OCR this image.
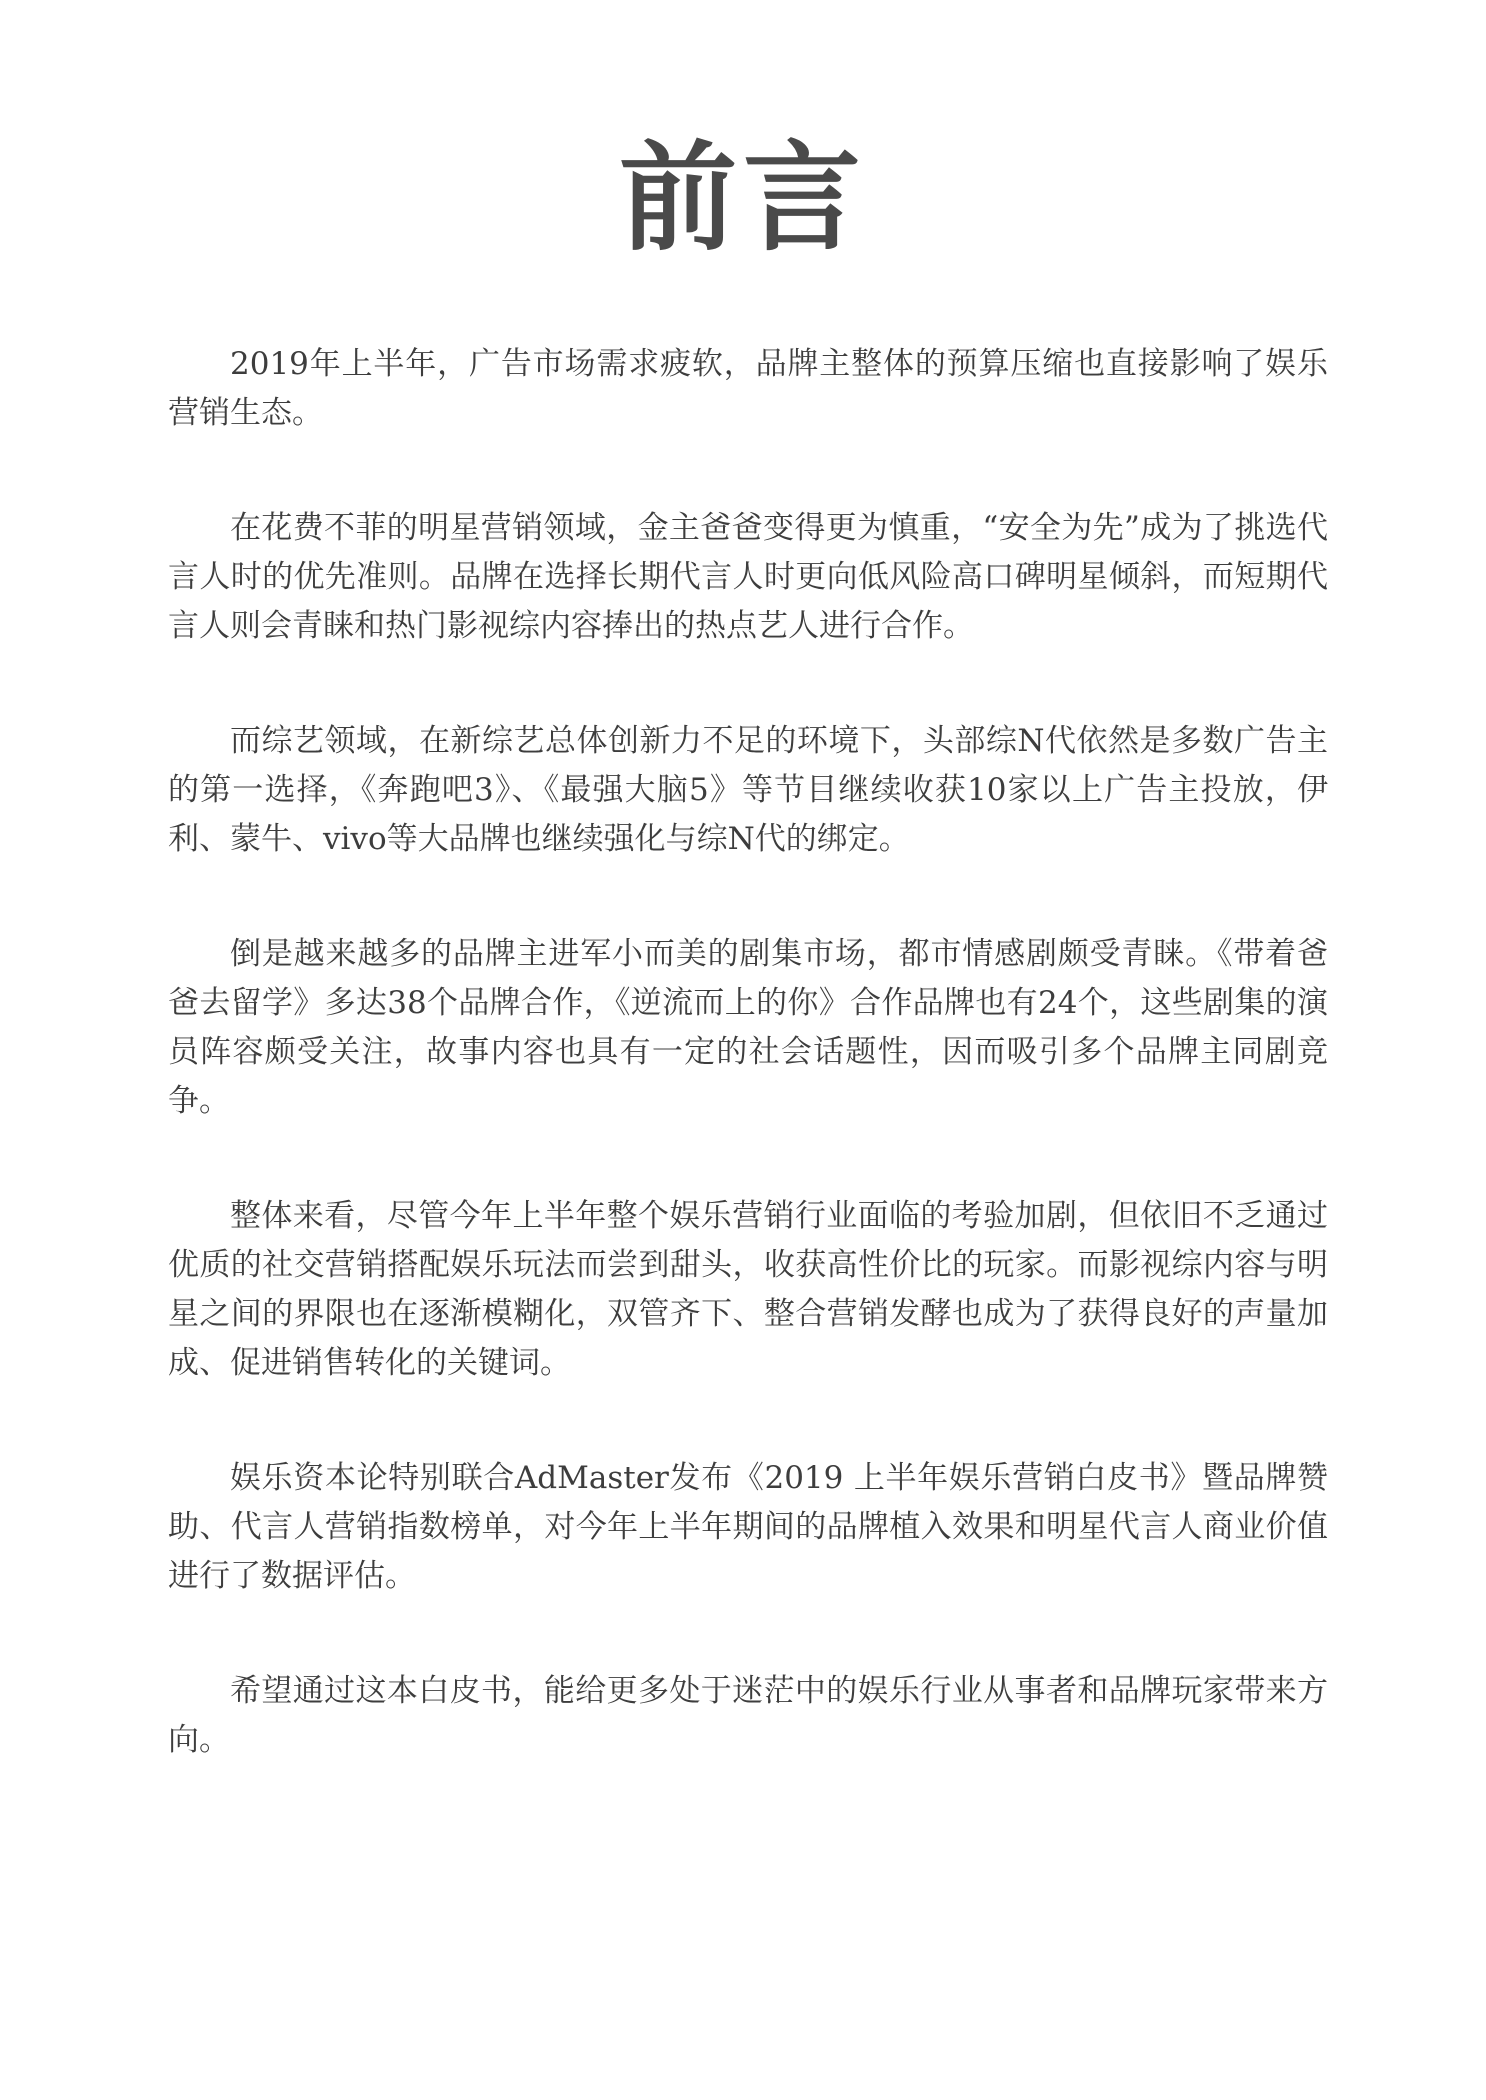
前言

2019年上半年，广告市场需求疲软，品牌主整体的预算压缩也直接影响了娱乐营销生态。

在花费不菲的明星营销领域，金主爸爸变得更为慎重，“安全为先”成为了挑选代言人时的优先准则。品牌在选择长期代言人时更向低风险高口碑明星倾斜，而短期代言人则会青睐和热门影视综内容捧出的热点艺人进行合作。

而综艺领域，在新综艺总体创新力不足的环境下，头部综N代依然是多数广告主的第一选择，《奔跑吧3》、《最强大脑5》等节目继续收获10家以上广告主投放，伊利、蒙牛、vivo等大品牌也继续强化与综N代的绑定。

倒是越来越多的品牌主进军小而美的剧集市场，都市情感剧颇受青睐。《带着爸爸去留学》多达38个品牌合作，《逆流而上的你》合作品牌也有24个，这些剧集的演员阵容颇受关注，故事内容也具有一定的社会话题性，因而吸引多个品牌主同剧竞争。

整体来看，尽管今年上半年整个娱乐营销行业面临的考验加剧，但依旧不乏通过优质的社交营销搭配娱乐玩法而尝到甜头，收获高性价比的玩家。而影视综内容与明星之间的界限也在逐渐模糊化，双管齐下、整合营销发酵也成为了获得良好的声量加成、促进销售转化的关键词。

娱乐资本论特别联合AdMaster发布《2019 上半年娱乐营销白皮书》暨品牌赞助、代言人营销指数榜单，对今年上半年期间的品牌植入效果和明星代言人商业价值进行了数据评估。

希望通过这本白皮书，能给更多处于迷茫中的娱乐行业从事者和品牌玩家带来方向。
